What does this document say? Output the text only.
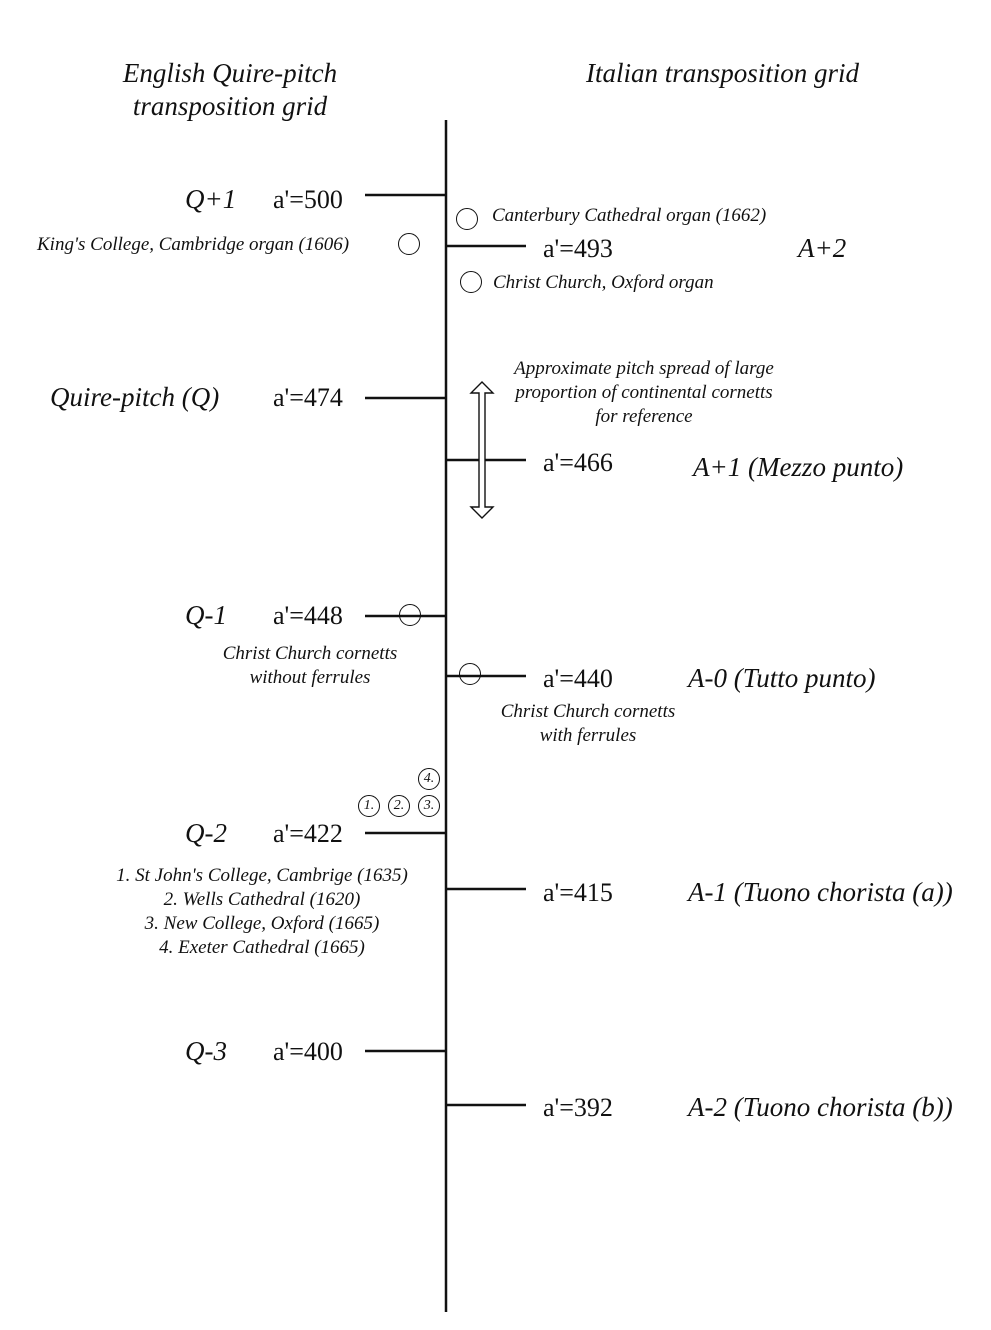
English Quire-pitch
transposition grid
Italian transposition grid
Q+1 a'=500
Quire-pitch (Q) a'=474
Q-1 a'=448
Q-2 a'=422
Q-3 a'=400
a'=493	A+2
a'=466	A+1 (Mezzo punto)
a'=440	A-0 (Tutto punto)
a'=415	A-1 (Tuono chorista (a))
a'=392	A-2 (Tuono chorista (b))
Canterbury Cathedral organ (1662)
King's College, Cambridge organ (1606)
Christ Church, Oxford organ
Approximate pitch spread of large
proportion of continental cornetts
for reference
Christ Church cornetts
without ferrules
Christ Church cornetts
with ferrules
4.
1.	2.	3.
1. St John's College, Cambrige (1635)
2. Wells Cathedral (1620)
3. New College, Oxford (1665)
4. Exeter Cathedral (1665)
